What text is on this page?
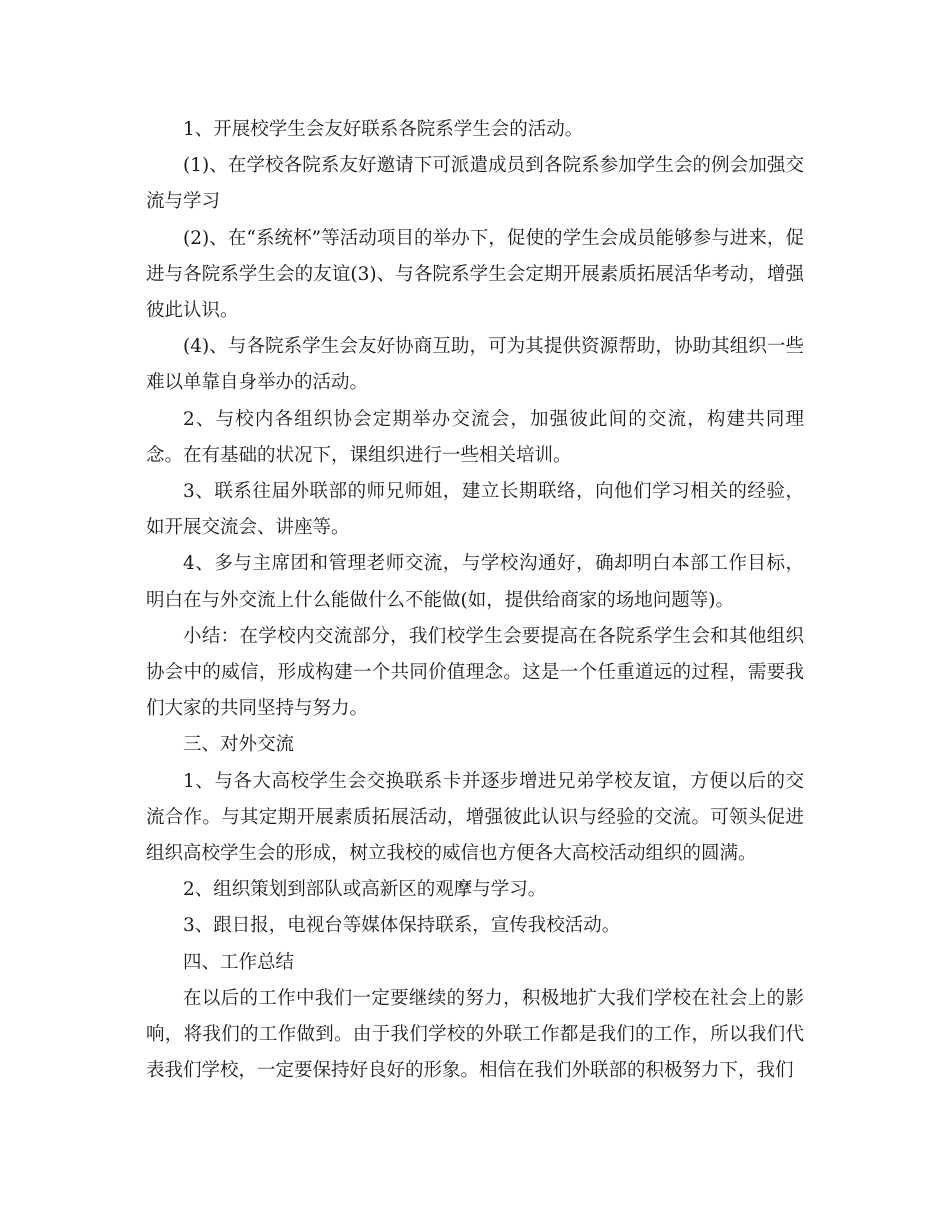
1、开展校学生会友好联系各院系学生会的活动。

(1)、在学校各院系友好邀请下可派遣成员到各院系参加学生会的例会加强交流与学习

(2)、在“系统杯”等活动项目的举办下，促使的学生会成员能够参与进来，促进与各院系学生会的友谊(3)、与各院系学生会定期开展素质拓展活华考动，增强彼此认识。

(4)、与各院系学生会友好协商互助，可为其提供资源帮助，协助其组织一些难以单靠自身举办的活动。

2、与校内各组织协会定期举办交流会，加强彼此间的交流，构建共同理念。在有基础的状况下，课组织进行一些相关培训。

3、联系往届外联部的师兄师姐，建立长期联络，向他们学习相关的经验，如开展交流会、讲座等。

4、多与主席团和管理老师交流，与学校沟通好，确却明白本部工作目标，明白在与外交流上什么能做什么不能做(如，提供给商家的场地问题等)。

小结：在学校内交流部分，我们校学生会要提高在各院系学生会和其他组织协会中的威信，形成构建一个共同价值理念。这是一个任重道远的过程，需要我们大家的共同坚持与努力。

三、对外交流

1、与各大高校学生会交换联系卡并逐步增进兄弟学校友谊，方便以后的交流合作。与其定期开展素质拓展活动，增强彼此认识与经验的交流。可领头促进组织高校学生会的形成，树立我校的威信也方便各大高校活动组织的圆满。

2、组织策划到部队或高新区的观摩与学习。

3、跟日报，电视台等媒体保持联系，宣传我校活动。

四、工作总结

在以后的工作中我们一定要继续的努力，积极地扩大我们学校在社会上的影响，将我们的工作做到。由于我们学校的外联工作都是我们的工作，所以我们代表我们学校，一定要保持好良好的形象。相信在我们外联部的积极努力下，我们
